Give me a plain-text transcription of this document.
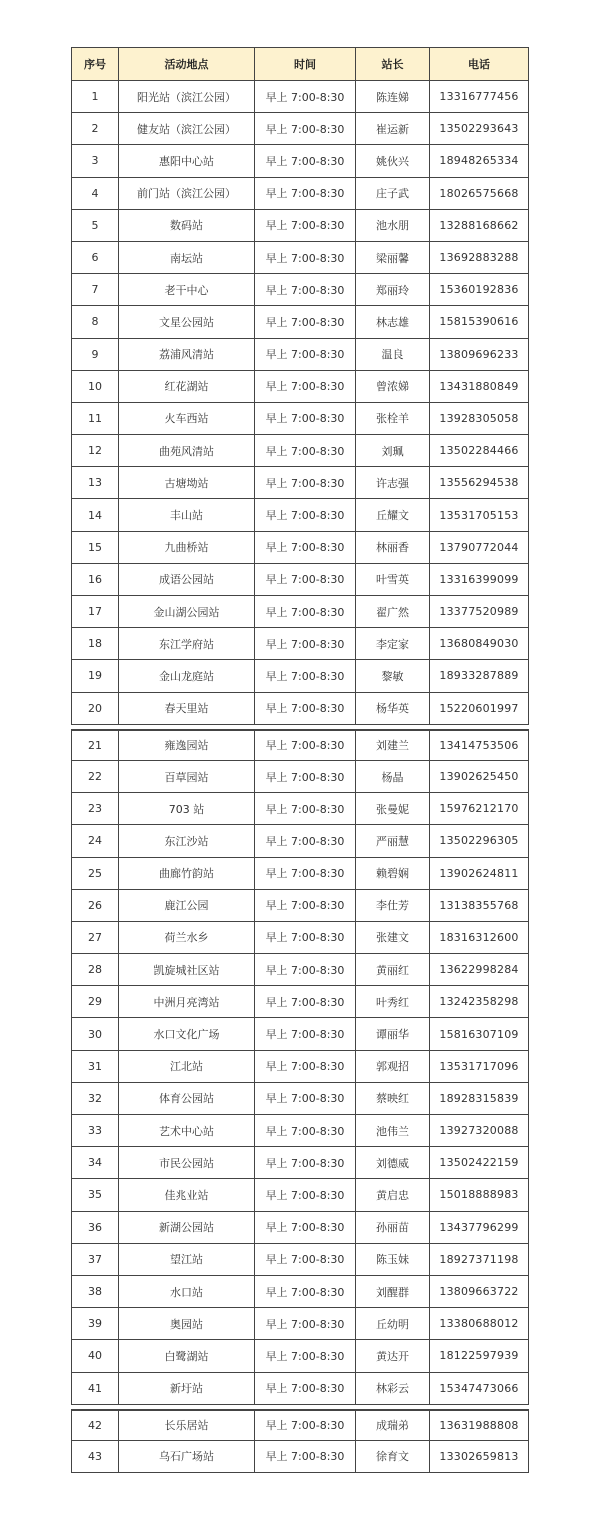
序号	活动地点	时间	站长	电话
1	阳光站（滨江公园）	早上 7:00-8:30	陈连娣	13316777456
2	健友站（滨江公园）	早上 7:00-8:30	崔运新	13502293643
3	惠阳中心站	早上 7:00-8:30	姚伙兴	18948265334
4	前门站（滨江公园）	早上 7:00-8:30	庄子武	18026575668
5	数码站	早上 7:00-8:30	池水朋	13288168662
6	南坛站	早上 7:00-8:30	梁丽馨	13692883288
7	老干中心	早上 7:00-8:30	郑丽玲	15360192836
8	文星公园站	早上 7:00-8:30	林志雄	15815390616
9	荔浦风清站	早上 7:00-8:30	温良	13809696233
10	红花湖站	早上 7:00-8:30	曾浓娣	13431880849
11	火车西站	早上 7:00-8:30	张栓羊	13928305058
12	曲苑风清站	早上 7:00-8:30	刘珮	13502284466
13	古塘坳站	早上 7:00-8:30	许志强	13556294538
14	丰山站	早上 7:00-8:30	丘耀文	13531705153
15	九曲桥站	早上 7:00-8:30	林丽香	13790772044
16	成语公园站	早上 7:00-8:30	叶雪英	13316399099
17	金山湖公园站	早上 7:00-8:30	翟广然	13377520989
18	东江学府站	早上 7:00-8:30	李定家	13680849030
19	金山龙庭站	早上 7:00-8:30	黎敏	18933287889
20	春天里站	早上 7:00-8:30	杨华英	15220601997
21	雍逸园站	早上 7:00-8:30	刘建兰	13414753506
22	百草园站	早上 7:00-8:30	杨晶	13902625450
23	703 站	早上 7:00-8:30	张曼妮	15976212170
24	东江沙站	早上 7:00-8:30	严丽慧	13502296305
25	曲廊竹韵站	早上 7:00-8:30	赖碧娴	13902624811
26	鹿江公园	早上 7:00-8:30	李仕芳	13138355768
27	荷兰水乡	早上 7:00-8:30	张建文	18316312600
28	凯旋城社区站	早上 7:00-8:30	黄丽红	13622998284
29	中洲月亮湾站	早上 7:00-8:30	叶秀红	13242358298
30	水口文化广场	早上 7:00-8:30	谭丽华	15816307109
31	江北站	早上 7:00-8:30	郭观招	13531717096
32	体育公园站	早上 7:00-8:30	蔡映红	18928315839
33	艺术中心站	早上 7:00-8:30	池伟兰	13927320088
34	市民公园站	早上 7:00-8:30	刘德威	13502422159
35	佳兆业站	早上 7:00-8:30	黄启忠	15018888983
36	新湖公园站	早上 7:00-8:30	孙丽苗	13437796299
37	望江站	早上 7:00-8:30	陈玉妹	18927371198
38	水口站	早上 7:00-8:30	刘醒群	13809663722
39	奥园站	早上 7:00-8:30	丘幼明	13380688012
40	白鹭湖站	早上 7:00-8:30	黄达开	18122597939
41	新圩站	早上 7:00-8:30	林彩云	15347473066
42	长乐居站	早上 7:00-8:30	成瑞弟	13631988808
43	乌石广场站	早上 7:00-8:30	徐育文	13302659813
